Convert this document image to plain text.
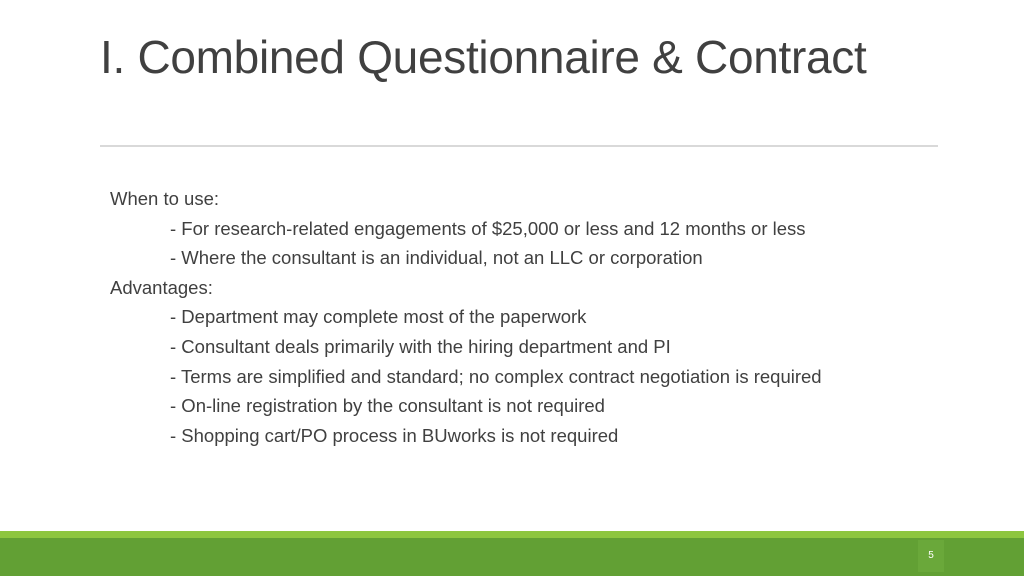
I. Combined Questionnaire & Contract
When to use:
- For research-related engagements of $25,000 or less and 12 months or less
- Where the consultant is an individual, not an LLC or corporation
Advantages:
- Department may complete most of the paperwork
- Consultant deals primarily with the hiring department and PI
- Terms are simplified and standard; no complex contract negotiation is required
- On-line registration by the consultant is not required
- Shopping cart/PO process in BUworks is not required
5
